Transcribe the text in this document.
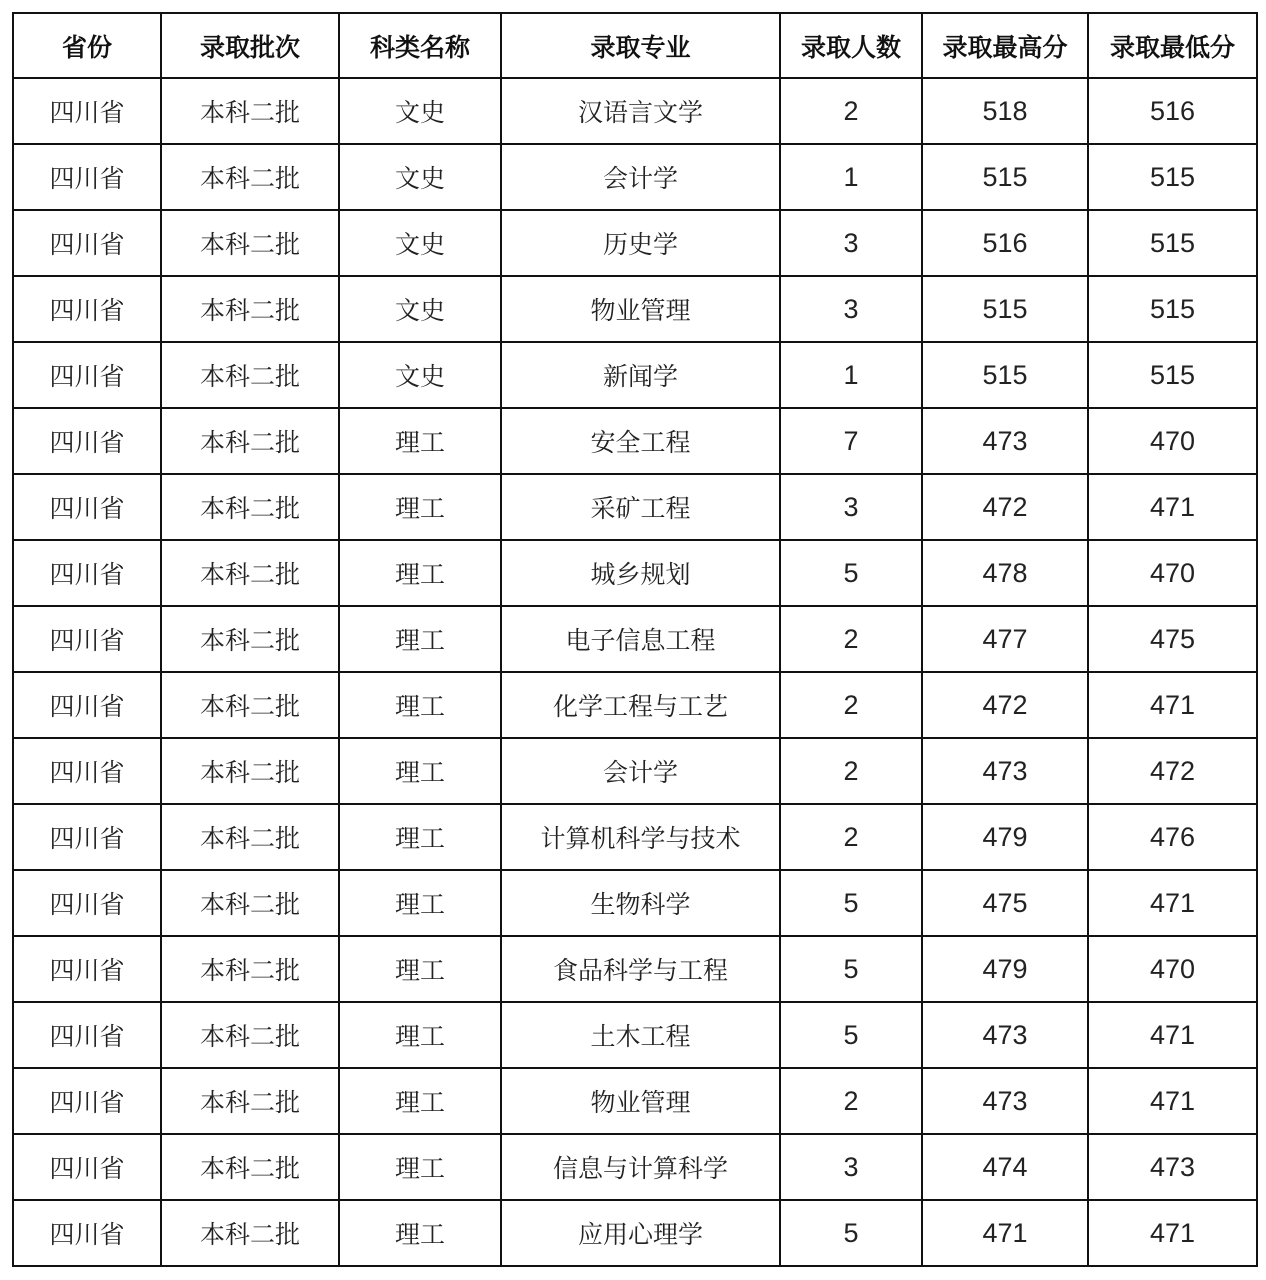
省份	录取批次	科类名称	录取专业	录取人数	录取最高分	录取最低分
四川省	本科二批	文史	汉语言文学	2	518	516
四川省	本科二批	文史	会计学	1	515	515
四川省	本科二批	文史	历史学	3	516	515
四川省	本科二批	文史	物业管理	3	515	515
四川省	本科二批	文史	新闻学	1	515	515
四川省	本科二批	理工	安全工程	7	473	470
四川省	本科二批	理工	采矿工程	3	472	471
四川省	本科二批	理工	城乡规划	5	478	470
四川省	本科二批	理工	电子信息工程	2	477	475
四川省	本科二批	理工	化学工程与工艺	2	472	471
四川省	本科二批	理工	会计学	2	473	472
四川省	本科二批	理工	计算机科学与技术	2	479	476
四川省	本科二批	理工	生物科学	5	475	471
四川省	本科二批	理工	食品科学与工程	5	479	470
四川省	本科二批	理工	土木工程	5	473	471
四川省	本科二批	理工	物业管理	2	473	471
四川省	本科二批	理工	信息与计算科学	3	474	473
四川省	本科二批	理工	应用心理学	5	471	471
